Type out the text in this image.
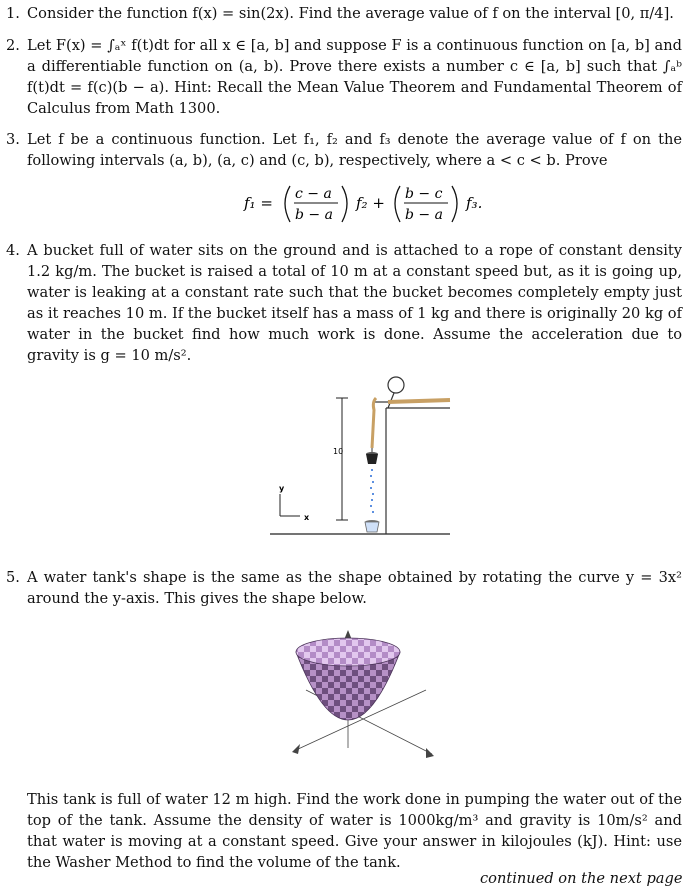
1. Consider the function f(x) = sin(2x). Find the average value of f on the interval [0, π/4].
2. Let F(x) = ∫ₐˣ f(t)dt for all x ∈ [a, b] and suppose F is a continuous function on [a, b] and a differentiable function on (a, b). Prove there exists a number c ∈ [a, b] such that ∫ₐᵇ f(t)dt = f(c)(b − a). Hint: Recall the Mean Value Theorem and Fundamental Theorem of Calculus from Math 1300.
3. Let f be a continuous function. Let f₁, f₂ and f₃ denote the average value of f on the following intervals (a, b), (a, c) and (c, b), respectively, where a < c < b. Prove
f₁ = c − a
b − a
f₂ + b − c
b − a
f₃.
4. A bucket full of water sits on the ground and is attached to a rope of constant density 1.2 kg/m. The bucket is raised a total of 10 m at a constant speed but, as it is going up, water is leaking at a constant rate such that the bucket becomes completely empty just as it reaches 10 m. If the bucket itself has a mass of 1 kg and there is originally 20 kg of water in the bucket find how much work is done. Assume the acceleration due to gravity is g = 10 m/s².
10
y
x
5. A water tank's shape is the same as the shape obtained by rotating the curve y = 3x² around the y-axis. This gives the shape below.
This tank is full of water 12 m high. Find the work done in pumping the water out of the top of the tank. Assume the density of water is 1000kg/m³ and gravity is 10m/s² and that water is moving at a constant speed. Give your answer in kilojoules (kJ). Hint: use the Washer Method to find the volume of the tank.
continued on the next page
